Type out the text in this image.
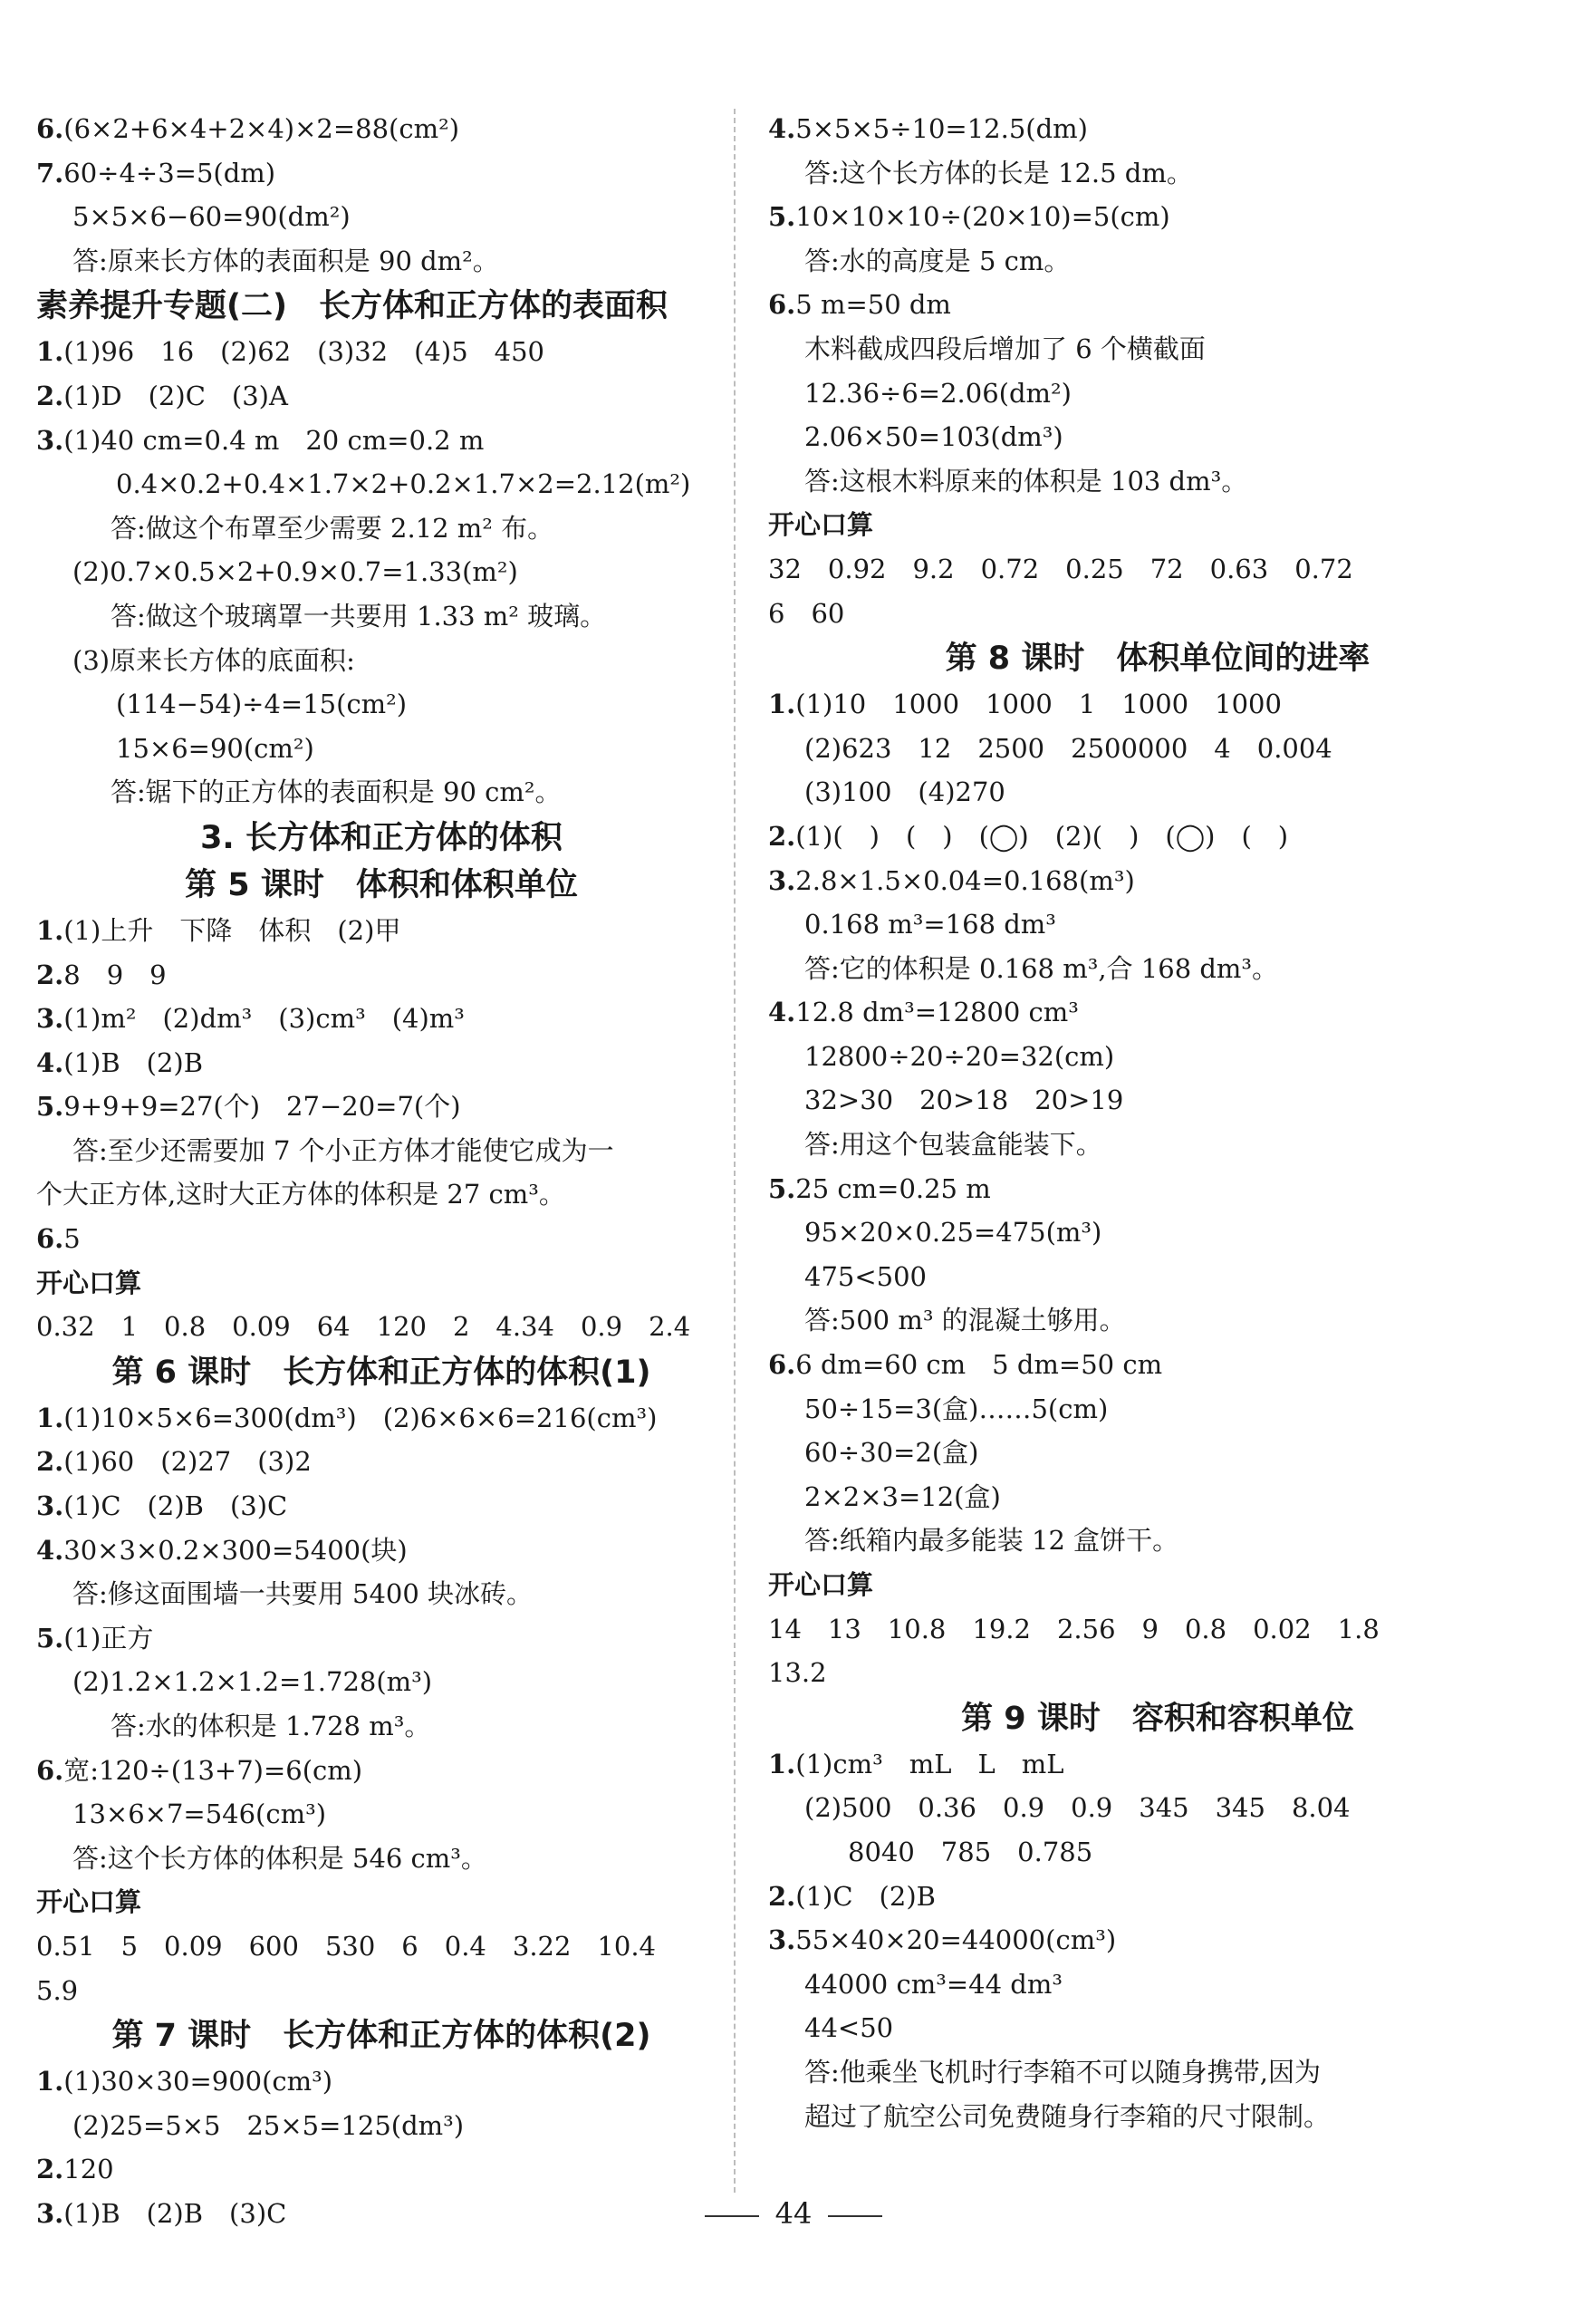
6.(6×2+6×4+2×4)×2=88(cm²)
7.60÷4÷3=5(dm)
5×5×6−60=90(dm²)
答:原来长方体的表面积是 90 dm²。
素养提升专题(二)　长方体和正方体的表面积
1.(1)96　16　(2)62　(3)32　(4)5　450
2.(1)D　(2)C　(3)A
3.(1)40 cm=0.4 m　20 cm=0.2 m
0.4×0.2+0.4×1.7×2+0.2×1.7×2=2.12(m²)
答:做这个布罩至少需要 2.12 m² 布。
(2)0.7×0.5×2+0.9×0.7=1.33(m²)
答:做这个玻璃罩一共要用 1.33 m² 玻璃。
(3)原来长方体的底面积:
(114−54)÷4=15(cm²)
15×6=90(cm²)
答:锯下的正方体的表面积是 90 cm²。
3. 长方体和正方体的体积
第 5 课时　体积和体积单位
1.(1)上升　下降　体积　(2)甲
2.8　9　9
3.(1)m²　(2)dm³　(3)cm³　(4)m³
4.(1)B　(2)B
5.9+9+9=27(个)　27−20=7(个)
答:至少还需要加 7 个小正方体才能使它成为一
个大正方体,这时大正方体的体积是 27 cm³。
6.5
开心口算
0.32　1　0.8　0.09　64　120　2　4.34　0.9　2.4
第 6 课时　长方体和正方体的体积(1)
1.(1)10×5×6=300(dm³)　(2)6×6×6=216(cm³)
2.(1)60　(2)27　(3)2
3.(1)C　(2)B　(3)C
4.30×3×0.2×300=5400(块)
答:修这面围墙一共要用 5400 块冰砖。
5.(1)正方
(2)1.2×1.2×1.2=1.728(m³)
答:水的体积是 1.728 m³。
6.宽:120÷(13+7)=6(cm)
13×6×7=546(cm³)
答:这个长方体的体积是 546 cm³。
开心口算
0.51　5　0.09　600　530　6　0.4　3.22　10.4
5.9
第 7 课时　长方体和正方体的体积(2)
1.(1)30×30=900(cm³)
(2)25=5×5　25×5=125(dm³)
2.120
3.(1)B　(2)B　(3)C
4.5×5×5÷10=12.5(dm)
答:这个长方体的长是 12.5 dm。
5.10×10×10÷(20×10)=5(cm)
答:水的高度是 5 cm。
6.5 m=50 dm
木料截成四段后增加了 6 个横截面
12.36÷6=2.06(dm²)
2.06×50=103(dm³)
答:这根木料原来的体积是 103 dm³。
开心口算
32　0.92　9.2　0.72　0.25　72　0.63　0.72
6　60
第 8 课时　体积单位间的进率
1.(1)10　1000　1000　1　1000　1000
(2)623　12　2500　2500000　4　0.004
(3)100　(4)270
2.(1)(　)　(　)　(◯)　(2)(　)　(◯)　(　)
3.2.8×1.5×0.04=0.168(m³)
0.168 m³=168 dm³
答:它的体积是 0.168 m³,合 168 dm³。
4.12.8 dm³=12800 cm³
12800÷20÷20=32(cm)
32>30　20>18　20>19
答:用这个包装盒能装下。
5.25 cm=0.25 m
95×20×0.25=475(m³)
475<500
答:500 m³ 的混凝土够用。
6.6 dm=60 cm　5 dm=50 cm
50÷15=3(盒)……5(cm)
60÷30=2(盒)
2×2×3=12(盒)
答:纸箱内最多能装 12 盒饼干。
开心口算
14　13　10.8　19.2　2.56　9　0.8　0.02　1.8
13.2
第 9 课时　容积和容积单位
1.(1)cm³　mL　L　mL
(2)500　0.36　0.9　0.9　345　345　8.04
8040　785　0.785
2.(1)C　(2)B
3.55×40×20=44000(cm³)
44000 cm³=44 dm³
44<50
答:他乘坐飞机时行李箱不可以随身携带,因为
超过了航空公司免费随身行李箱的尺寸限制。
44
